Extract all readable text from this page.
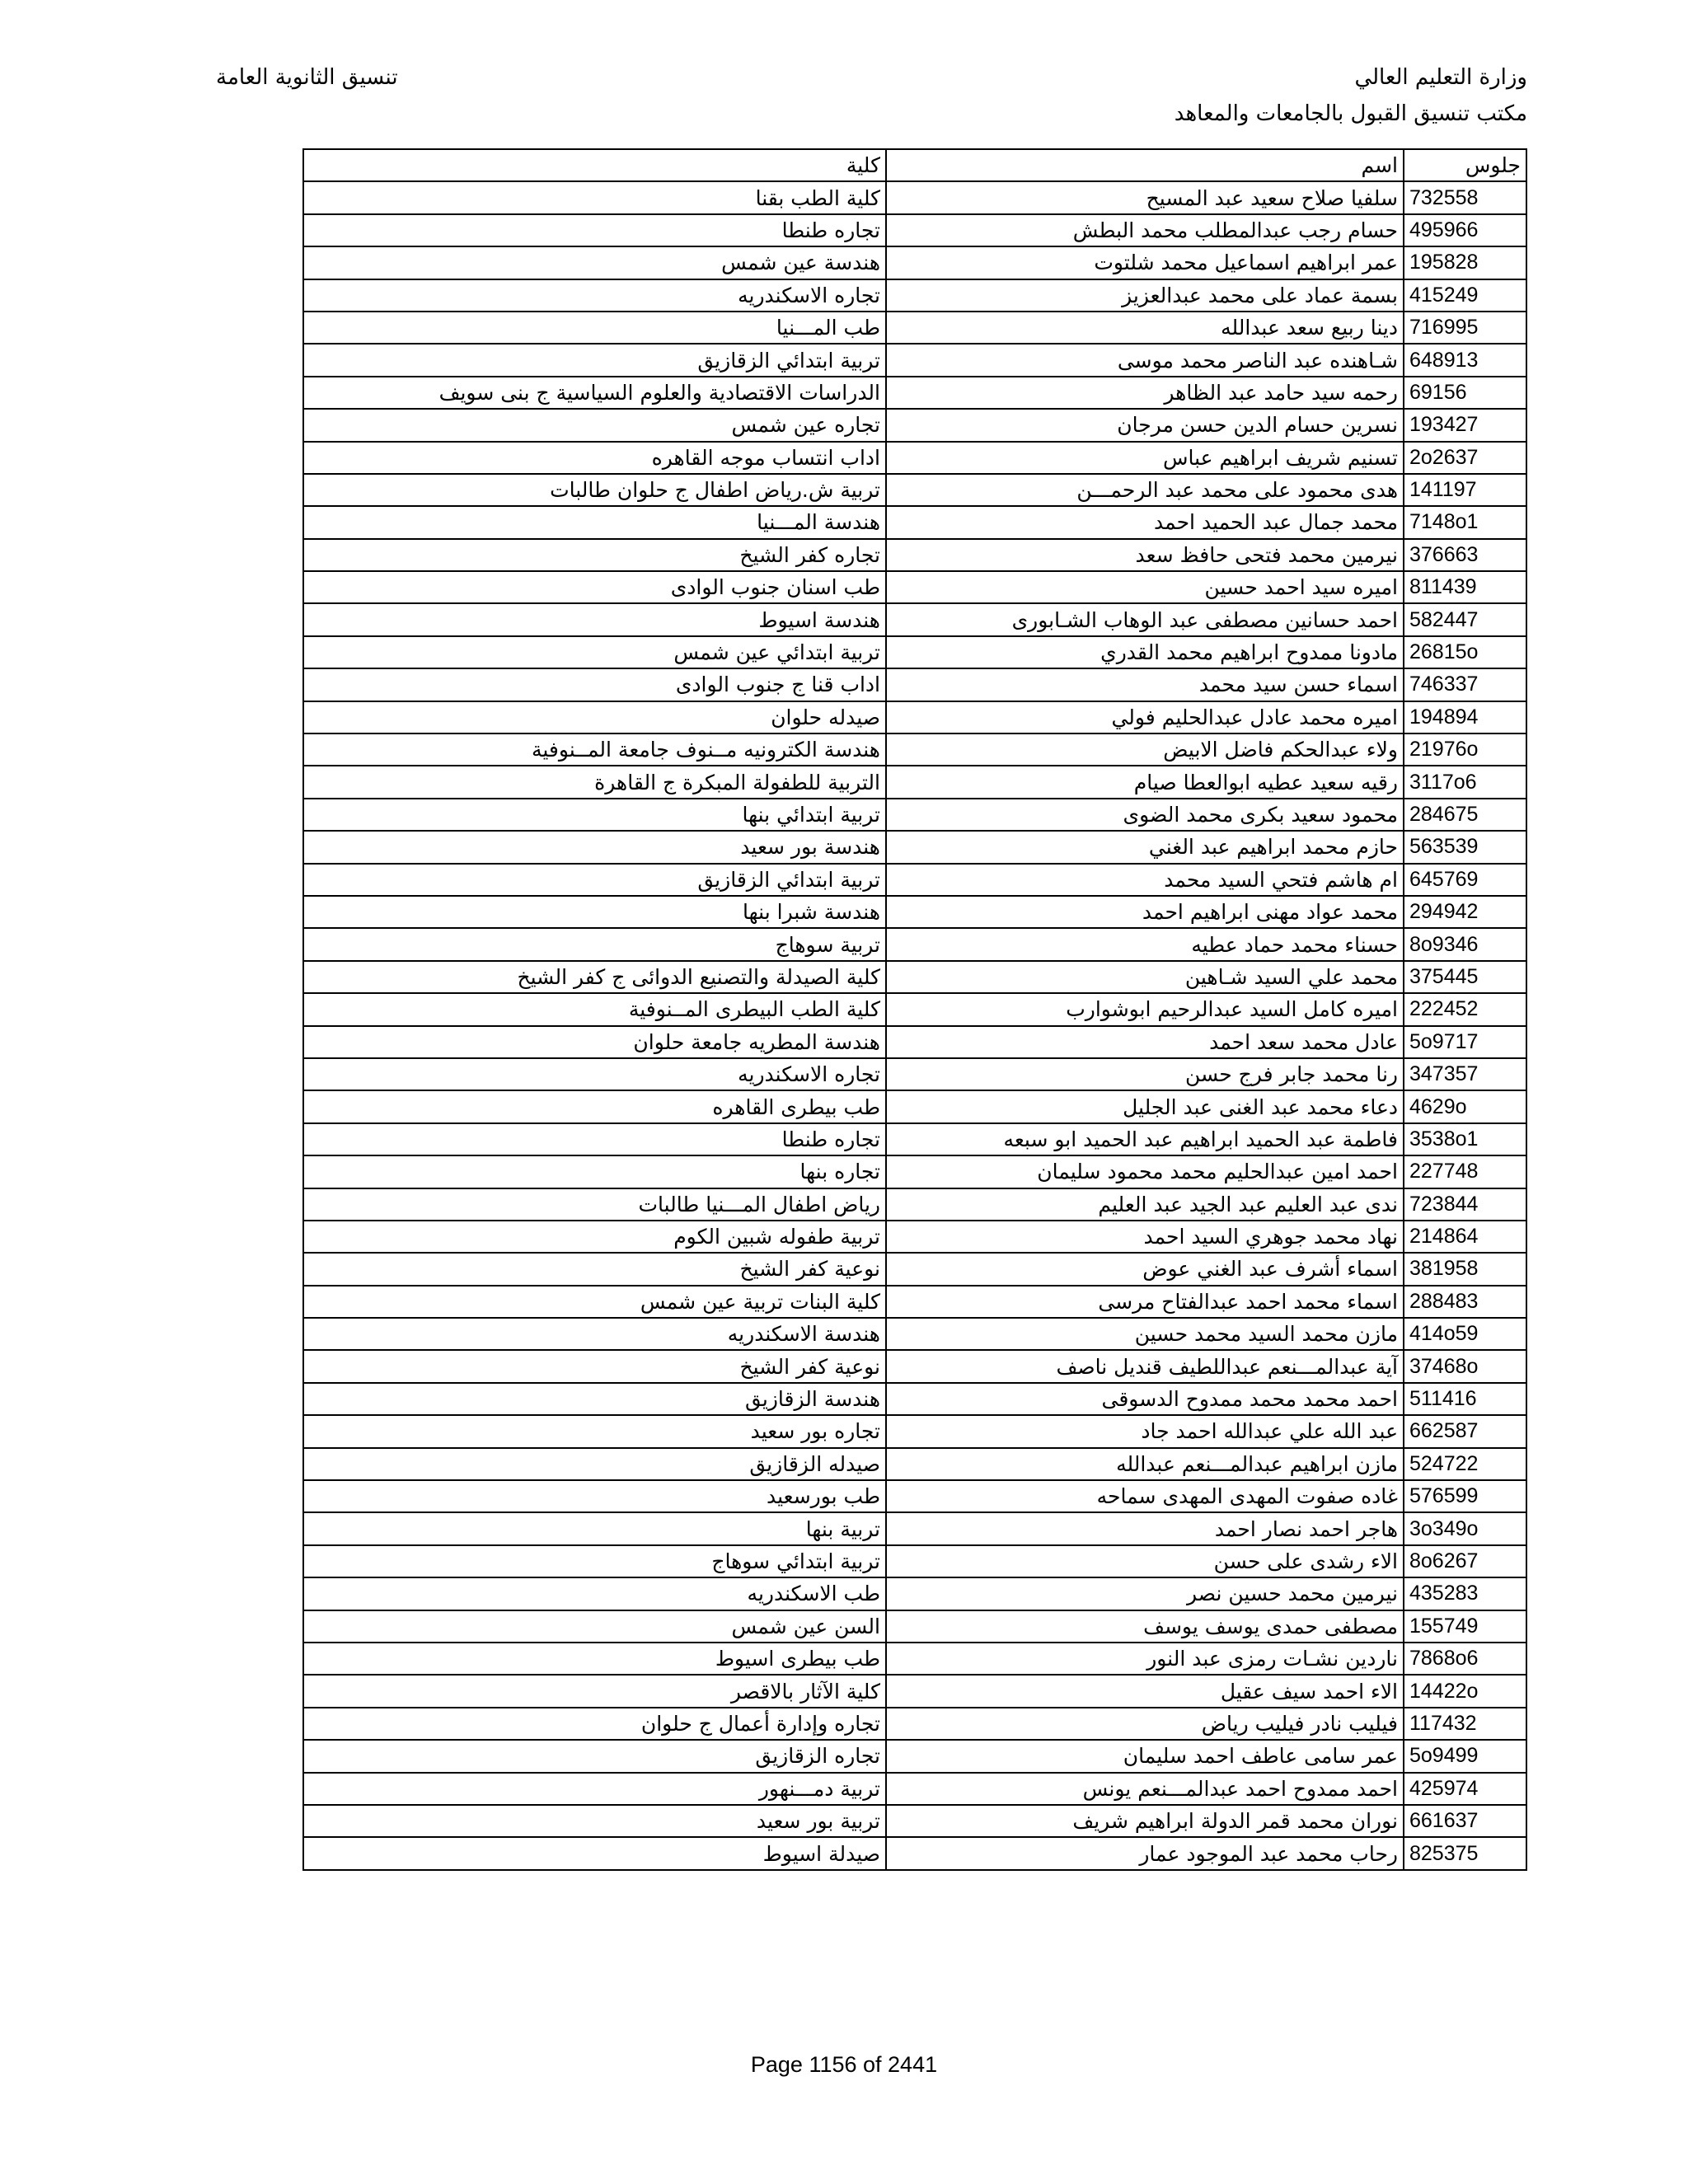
وزارة التعليم العالي
مكتب تنسيق القبول بالجامعات والمعاهد
تنسيق الثانوية العامة
كلية	اسم	جلوس
كلية الطب بقنا	سلفيا صلاح سعيد عبد المسيح	732558
تجاره طنطا	حسام رجب عبدالمطلب محمد البطش	495966
هندسة عين شمس	عمر ابراهيم اسماعيل محمد شلتوت	195828
تجاره الاسكندريه	بسمة عماد على محمد عبدالعزيز	415249
طب المـــنيا	دينا ربيع سعد عبدالله	716995
تربية ابتدائي الزقازيق	شـاهنده عبد الناصر محمد موسى	648913
الدراسات الاقتصادية والعلوم السياسية ج بنى سويف	رحمه سيد حامد عبد الظاهر	69156
تجاره عين شمس	نسرين حسام الدين حسن مرجان	193427
اداب انتساب موجه القاهره	تسنيم شريف ابراهيم عباس	2o2637
تربية ش.رياض اطفال ج حلوان طالبات	هدى محمود على محمد عبد الرحمـــن	141197
هندسة المـــنيا	محمد جمال عبد الحميد احمد	7148o1
تجاره كفر الشيخ	نيرمين محمد فتحى حافظ سعد	376663
طب اسنان جنوب الوادى	اميره سيد احمد حسين	811439
هندسة اسيوط	احمد حسانين مصطفى عبد الوهاب الشـابورى	582447
تربية ابتدائي عين شمس	مادونا ممدوح ابراهيم محمد القدري	26815o
اداب قنا ج جنوب الوادى	اسماء حسن سيد محمد	746337
صيدله حلوان	اميره محمد عادل عبدالحليم فولي	194894
هندسة الكترونيه مــنوف جامعة المــنوفية	ولاء عبدالحكم فاضل الابيض	21976o
التربية للطفولة المبكرة ج القاهرة	رقيه سعيد عطيه ابوالعطا صيام	3117o6
تربية ابتدائي بنها	محمود سعيد بكرى محمد الضوى	284675
هندسة بور سعيد	حازم محمد ابراهيم عبد الغني	563539
تربية ابتدائي الزقازيق	ام هاشم فتحي السيد محمد	645769
هندسة شبرا بنها	محمد عواد مهنى ابراهيم احمد	294942
تربية سوهاج	حسناء محمد حماد عطيه	8o9346
كلية الصيدلة والتصنيع الدوائى ج كفر الشيخ	محمد علي السيد شـاهين	375445
كلية الطب البيطرى المــنوفية	اميره كامل السيد عبدالرحيم ابوشوارب	222452
هندسة المطريه جامعة حلوان	عادل محمد سعد احمد	5o9717
تجاره الاسكندريه	رنا محمد جابر فرج حسن	347357
طب بيطرى القاهره	دعاء محمد عبد الغنى عبد الجليل	4629o
تجاره طنطا	فاطمة عبد الحميد ابراهيم عبد الحميد ابو سبعه	3538o1
تجاره بنها	احمد امين عبدالحليم محمد محمود سليمان	227748
رياض اطفال المـــنيا طالبات	ندى عبد العليم عبد الجيد عبد العليم	723844
تربية طفوله شبين الكوم	نهاد محمد جوهري السيد احمد	214864
نوعية كفر الشيخ	اسماء أشرف عبد الغني عوض	381958
كلية البنات تربية عين شمس	اسماء محمد احمد عبدالفتاح مرسى	288483
هندسة الاسكندريه	مازن محمد السيد محمد حسين	414o59
نوعية كفر الشيخ	آية عبدالمـــنعم عبداللطيف قنديل ناصف	37468o
هندسة الزقازيق	احمد محمد محمد ممدوح الدسوقى	511416
تجاره بور سعيد	عبد الله علي عبدالله احمد جاد	662587
صيدله الزقازيق	مازن ابراهيم عبدالمـــنعم عبدالله	524722
طب بورسعيد	غاده صفوت المهدى المهدى سماحه	576599
تربية بنها	هاجر احمد نصار احمد	3o349o
تربية ابتدائي سوهاج	الاء رشدى على حسن	8o6267
طب الاسكندريه	نيرمين محمد حسين نصر	435283
السن عين شمس	مصطفى حمدى يوسف يوسف	155749
طب بيطرى اسيوط	ناردين نشـات رمزى عبد النور	7868o6
كلية الآثار بالاقصر	الاء احمد سيف عقيل	14422o
تجاره وإدارة أعمال ج حلوان	فيليب نادر فيليب رياض	117432
تجاره الزقازيق	عمر سامى عاطف احمد سليمان	5o9499
تربية دمـــنهور	احمد ممدوح احمد عبدالمـــنعم يونس	425974
تربية بور سعيد	نوران محمد قمر الدولة ابراهيم شريف	661637
صيدلة اسيوط	رحاب محمد عبد الموجود عمار	825375
Page 1156 of 2441
